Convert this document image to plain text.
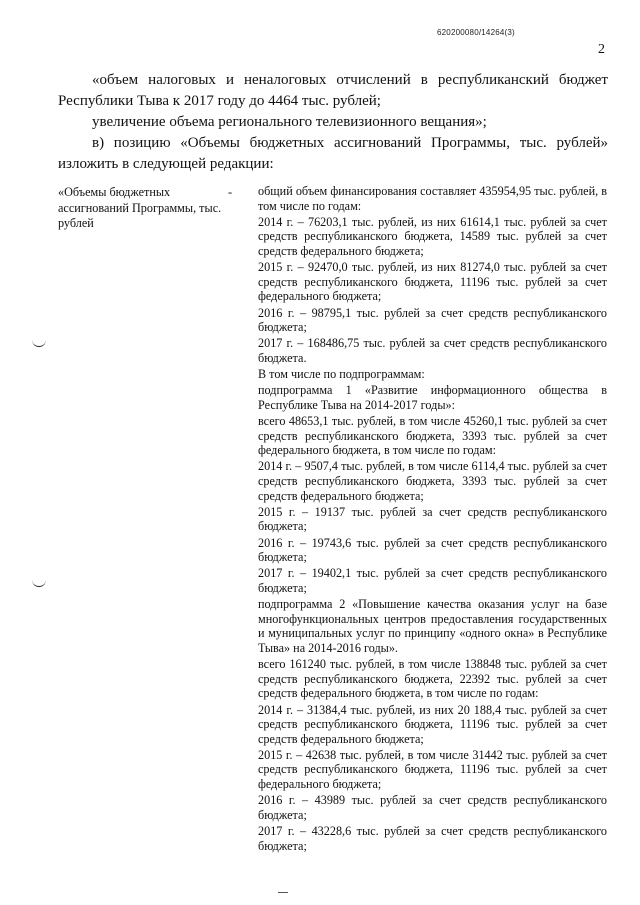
620200080/14264(3)
2

«объем налоговых и неналоговых отчислений в республиканский бюджет Республики Тыва к 2017 году до 4464 тыс. рублей;

увеличение объема регионального телевизионного вещания»;

в) позицию «Объемы бюджетных ассигнований Программы, тыс. рублей» изложить в следующей редакции:

«Объемы бюджетных ассигнований Программы, тыс. рублей
- общий объем финансирования составляет 435954,95 тыс. рублей, в том числе по годам:

2014 г. – 76203,1 тыс. рублей, из них 61614,1 тыс. рублей за счет средств республиканского бюджета, 14589 тыс. рублей за счет средств федерального бюджета;

2015 г. – 92470,0 тыс. рублей, из них 81274,0 тыс. рублей за счет средств республиканского бюджета, 11196 тыс. рублей за счет федерального бюджета;

2016 г. – 98795,1 тыс. рублей за счет средств республиканского бюджета;

2017 г. – 168486,75 тыс. рублей за счет средств республиканского бюджета.

В том числе по подпрограммам:

подпрограмма 1 «Развитие информационного общества в Республике Тыва на 2014-2017 годы»:

всего 48653,1 тыс. рублей, в том числе 45260,1 тыс. рублей за счет средств республиканского бюджета, 3393 тыс. рублей за счет федерального бюджета, в том числе по годам:

2014 г. – 9507,4 тыс. рублей, в том числе 6114,4 тыс. рублей за счет средств республиканского бюджета, 3393 тыс. рублей за счет средств федерального бюджета;

2015 г. – 19137 тыс. рублей за счет средств республиканского бюджета;

2016 г. – 19743,6 тыс. рублей за счет средств республиканского бюджета;

2017 г. – 19402,1 тыс. рублей за счет средств республиканского бюджета;

подпрограмма 2 «Повышение качества оказания услуг на базе многофункциональных центров предоставления государственных и муниципальных услуг по принципу «одного окна» в Республике Тыва» на 2014-2016 годы».

всего 161240 тыс. рублей, в том числе 138848 тыс. рублей за счет средств республиканского бюджета, 22392 тыс. рублей за счет средств федерального бюджета, в том числе по годам:

2014 г. – 31384,4 тыс. рублей, из них 20 188,4 тыс. рублей за счет средств республиканского бюджета, 11196 тыс. рублей за счет средств федерального бюджета;

2015 г. – 42638 тыс. рублей, в том числе 31442 тыс. рублей за счет средств республиканского бюджета, 11196 тыс. рублей за счет федерального бюджета;

2016 г. – 43989 тыс. рублей за счет средств республиканского бюджета;

2017 г. – 43228,6 тыс. рублей за счет средств республиканского бюджета;
